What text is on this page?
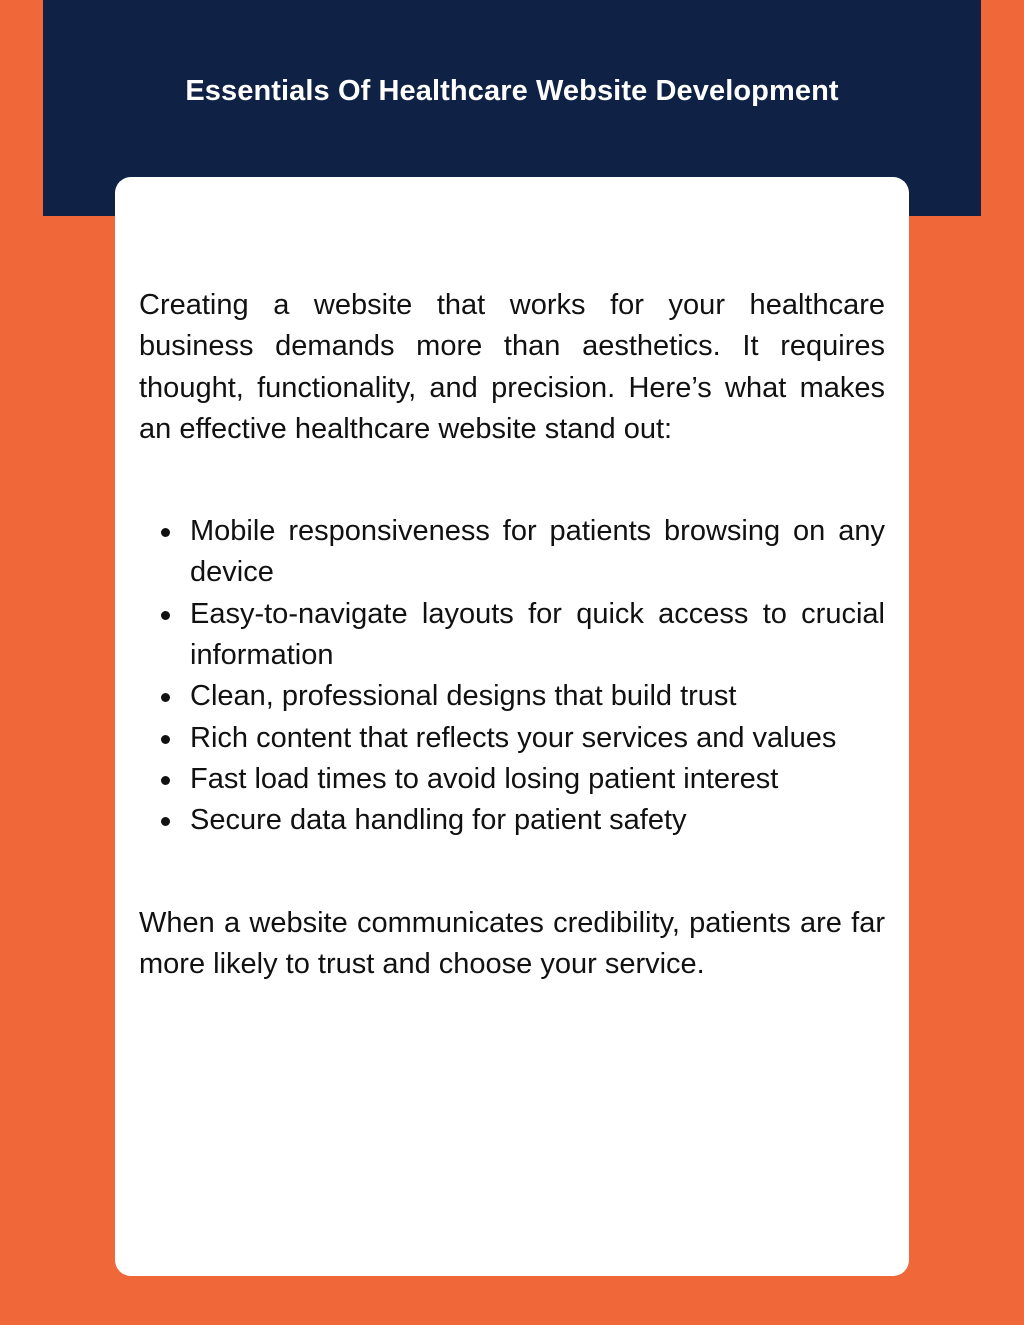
Essentials Of Healthcare Website Development

Creating a website that works for your healthcare business demands more than aesthetics. It requires thought, functionality, and precision. Here’s what makes an effective healthcare website stand out:

Mobile responsiveness for patients browsing on any device
Easy-to-navigate layouts for quick access to crucial information
Clean, professional designs that build trust
Rich content that reflects your services and values
Fast load times to avoid losing patient interest
Secure data handling for patient safety

When a website communicates credibility, patients are far more likely to trust and choose your service.
